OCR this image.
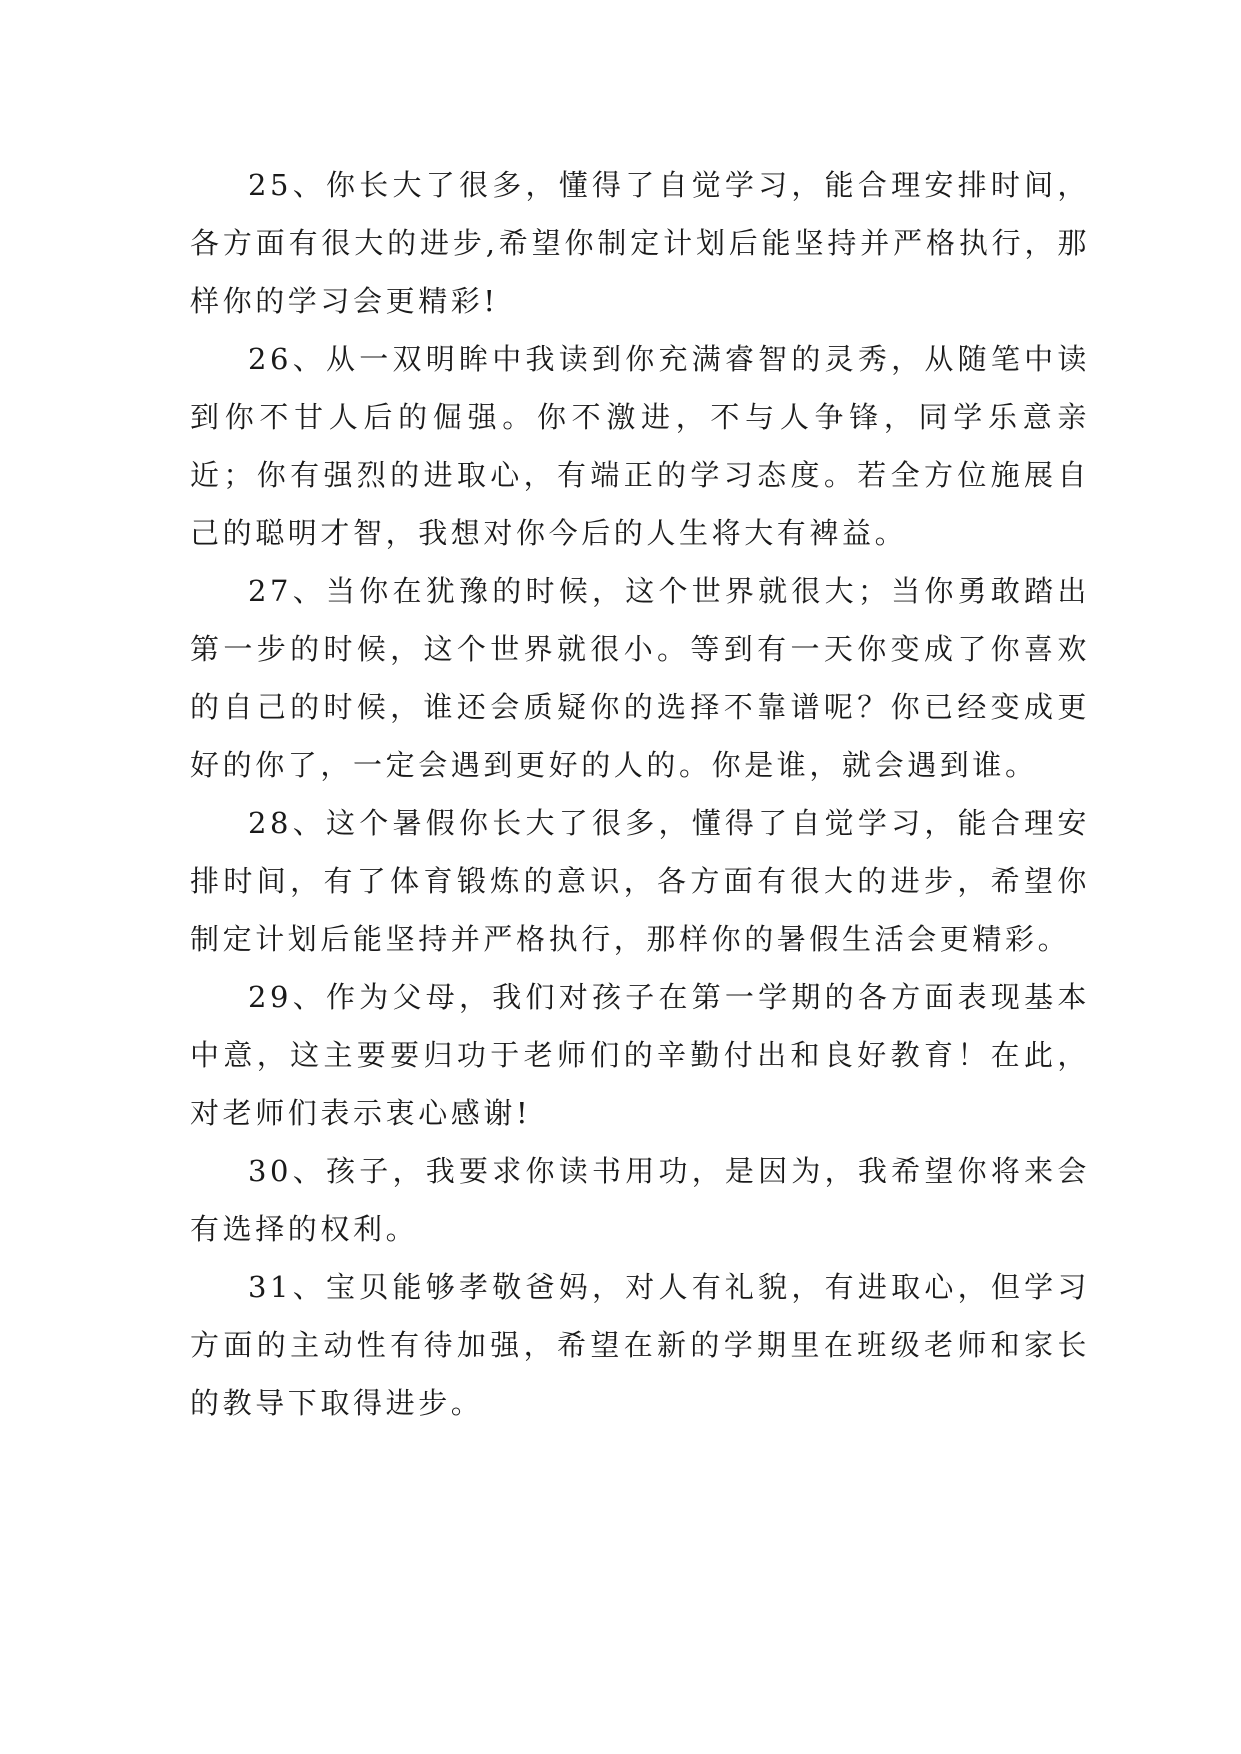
25、你长大了很多，懂得了自觉学习，能合理安排时间，各方面有很大的进步,希望你制定计划后能坚持并严格执行，那样你的学习会更精彩!

26、从一双明眸中我读到你充满睿智的灵秀，从随笔中读到你不甘人后的倔强。你不激进，不与人争锋，同学乐意亲近；你有强烈的进取心，有端正的学习态度。若全方位施展自己的聪明才智，我想对你今后的人生将大有裨益。

27、当你在犹豫的时候，这个世界就很大；当你勇敢踏出第一步的时候，这个世界就很小。等到有一天你变成了你喜欢的自己的时候，谁还会质疑你的选择不靠谱呢？你已经变成更好的你了，一定会遇到更好的人的。你是谁，就会遇到谁。

28、这个暑假你长大了很多，懂得了自觉学习，能合理安排时间，有了体育锻炼的意识，各方面有很大的进步，希望你制定计划后能坚持并严格执行，那样你的暑假生活会更精彩。

29、作为父母，我们对孩子在第一学期的各方面表现基本中意，这主要要归功于老师们的辛勤付出和良好教育！在此，对老师们表示衷心感谢!

30、孩子，我要求你读书用功，是因为，我希望你将来会有选择的权利。

31、宝贝能够孝敬爸妈，对人有礼貌，有进取心，但学习方面的主动性有待加强，希望在新的学期里在班级老师和家长的教导下取得进步。
